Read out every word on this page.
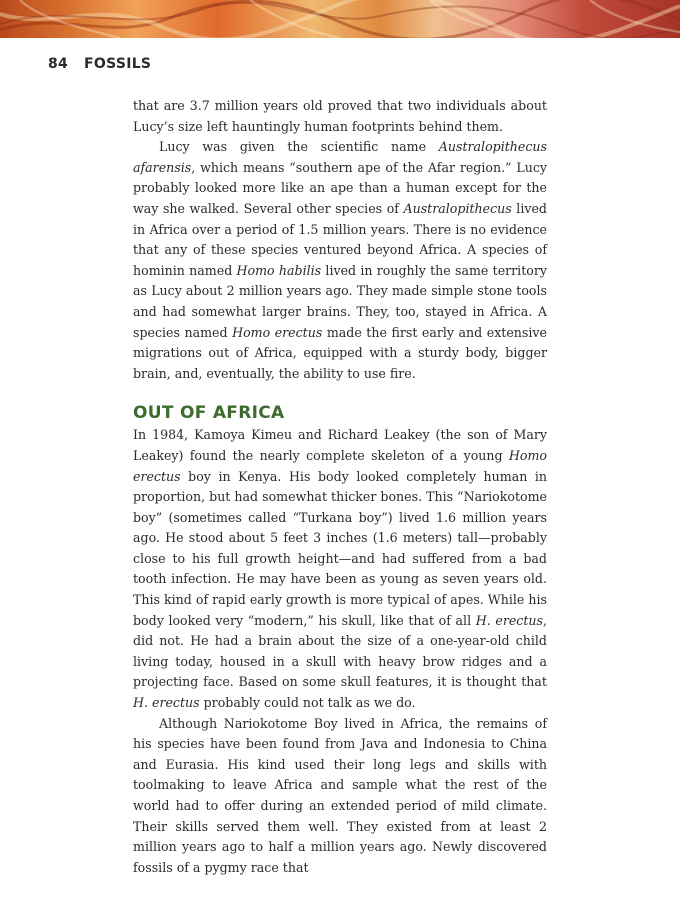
84 FOSSILS

that are 3.7 million years old proved that two individuals about Lucy’s size left hauntingly human footprints behind them.

Lucy was given the scientific name Australopithecus afarensis, which means “southern ape of the Afar region.” Lucy probably looked more like an ape than a human except for the way she walked. Several other species of Australopithecus lived in Africa over a period of 1.5 million years. There is no evidence that any of these species ventured beyond Africa. A species of hominin named Homo habilis lived in roughly the same territory as Lucy about 2 million years ago. They made simple stone tools and had somewhat larger brains. They, too, stayed in Africa. A species named Homo erectus made the first early and extensive migrations out of Africa, equipped with a sturdy body, bigger brain, and, eventually, the ability to use fire.

OUT OF AFRICA

In 1984, Kamoya Kimeu and Richard Leakey (the son of Mary Leakey) found the nearly complete skeleton of a young Homo erectus boy in Kenya. His body looked completely human in proportion, but had somewhat thicker bones. This “Nariokotome boy” (sometimes called “Turkana boy”) lived 1.6 million years ago. He stood about 5 feet 3 inches (1.6 meters) tall—probably close to his full growth height—and had suffered from a bad tooth infection. He may have been as young as seven years old. This kind of rapid early growth is more typical of apes. While his body looked very “modern,” his skull, like that of all H. erectus, did not. He had a brain about the size of a one-year-old child living today, housed in a skull with heavy brow ridges and a projecting face. Based on some skull features, it is thought that H. erectus probably could not talk as we do.

Although Nariokotome Boy lived in Africa, the remains of his species have been found from Java and Indonesia to China and Eurasia. His kind used their long legs and skills with toolmaking to leave Africa and sample what the rest of the world had to offer during an extended period of mild climate. Their skills served them well. They existed from at least 2 million years ago to half a million years ago. Newly discovered fossils of a pygmy race that
